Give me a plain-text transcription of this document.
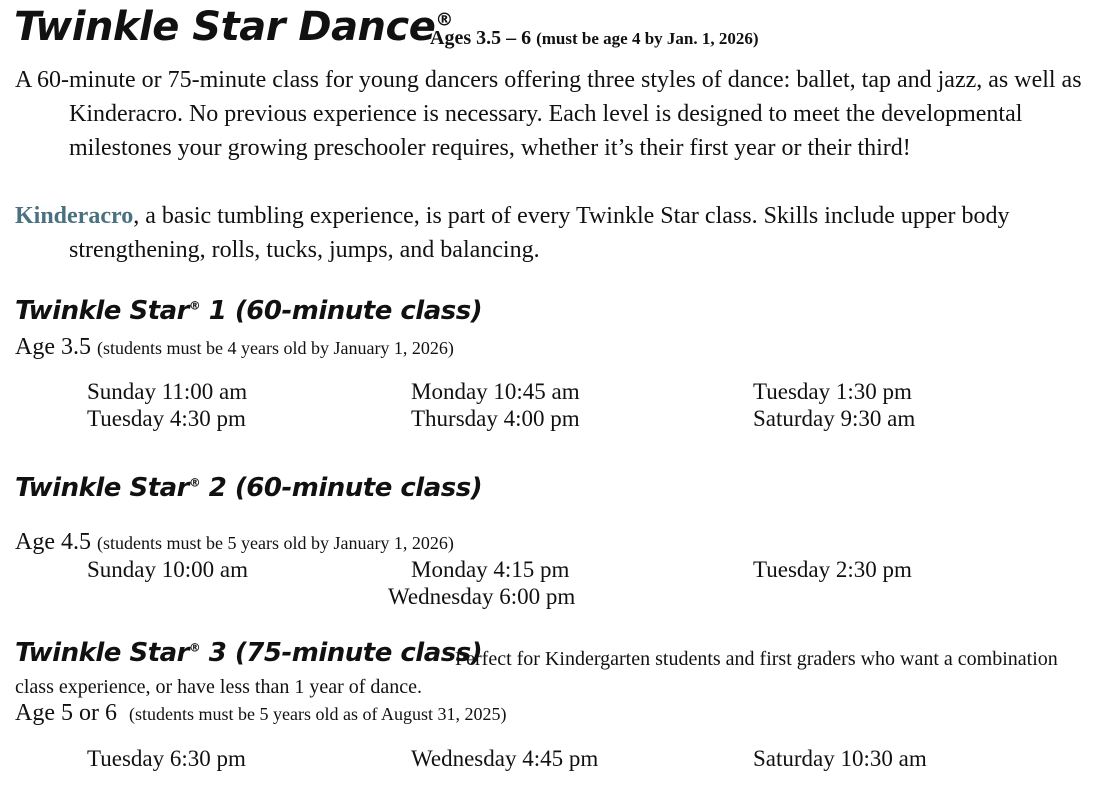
Twinkle Star Dance®
Ages 3.5 – 6 (must be age 4 by Jan. 1, 2026)
A 60-minute or 75-minute class for young dancers offering three styles of dance: ballet, tap and jazz, as well as Kinderacro. No previous experience is necessary. Each level is designed to meet the developmental milestones your growing preschooler requires, whether it’s their first year or their third!
Kinderacro, a basic tumbling experience, is part of every Twinkle Star class. Skills include upper body strengthening, rolls, tucks, jumps, and balancing.
Twinkle Star® 1 (60-minute class)
Age 3.5 (students must be 4 years old by January 1, 2026)
Sunday 11:00 am	Monday 10:45 am	Tuesday 1:30 pm
Tuesday 4:30 pm	Thursday 4:00 pm	Saturday 9:30 am
Twinkle Star® 2 (60-minute class)
Age 4.5 (students must be 5 years old by January 1, 2026)
Sunday 10:00 am	Monday 4:15 pm	Tuesday 2:30 pm
Wednesday 6:00 pm
Twinkle Star® 3 (75-minute class)
Perfect for Kindergarten students and first graders who want a combination class experience, or have less than 1 year of dance.
Age 5 or 6 (students must be 5 years old as of August 31, 2025)
Tuesday 6:30 pm	Wednesday 4:45 pm	Saturday 10:30 am
